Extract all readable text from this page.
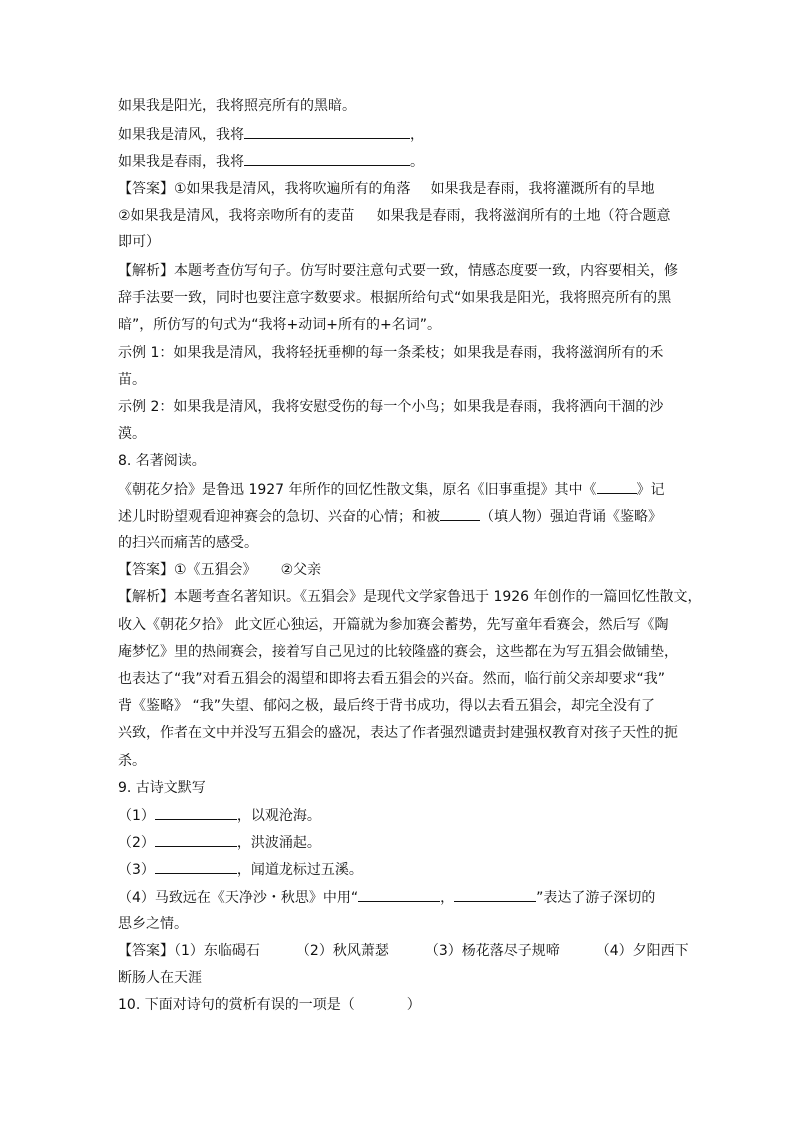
如果我是阳光，我将照亮所有的黑暗。
如果我是清风，我将	，
如果我是春雨，我将	。
【答案】①如果我是清风，我将吹遍所有的角落 如果我是春雨，我将灌溉所有的旱地
②如果我是清风，我将亲吻所有的麦苗 如果我是春雨，我将滋润所有的土地（符合题意
即可）
【解析】本题考查仿写句子。仿写时要注意句式要一致，情感态度要一致，内容要相关，修
辞手法要一致，同时也要注意字数要求。根据所给句式“如果我是阳光，我将照亮所有的黑
暗”，所仿写的句式为“我将+动词+所有的+名词”。
示例 1：如果我是清风，我将轻抚垂柳的每一条柔枝；如果我是春雨，我将滋润所有的禾
苗。
示例 2：如果我是清风，我将安慰受伤的每一个小鸟；如果我是春雨，我将洒向干涸的沙
漠。
8. 名著阅读。
《朝花夕拾》是鲁迅 1927 年所作的回忆性散文集，原名《旧事重提》其中《	》记
述儿时盼望观看迎神赛会的急切、兴奋的心情；和被	（填人物）强迫背诵《鉴略》
的扫兴而痛苦的感受。
【答案】①《五猖会》 ②父亲
【解析】本题考查名著知识。《五猖会》是现代文学家鲁迅于 1926 年创作的一篇回忆性散文，
收入《朝花夕拾》 此文匠心独运，开篇就为参加赛会蓄势，先写童年看赛会，然后写《陶
庵梦忆》里的热闹赛会，接着写自己见过的比较隆盛的赛会，这些都在为写五猖会做铺垫，
也表达了“我”对看五猖会的渴望和即将去看五猖会的兴奋。然而，临行前父亲却要求“我”
背《鉴略》 “我”失望、郁闷之极，最后终于背书成功，得以去看五猖会，却完全没有了
兴致，作者在文中并没写五猖会的盛况，表达了作者强烈谴责封建强权教育对孩子天性的扼
杀。
9. 古诗文默写
（1）	，以观沧海。
（2）	，洪波涌起。
（3）	，闻道龙标过五溪。
（4）马致远在《天净沙・秋思》中用“	，	”表达了游子深切的
思乡之情。
【答案】（1）东临碣石	（2）秋风萧瑟	（3）杨花落尽子规啼	（4）夕阳西下
断肠人在天涯
10. 下面对诗句的赏析有误的一项是（	）
